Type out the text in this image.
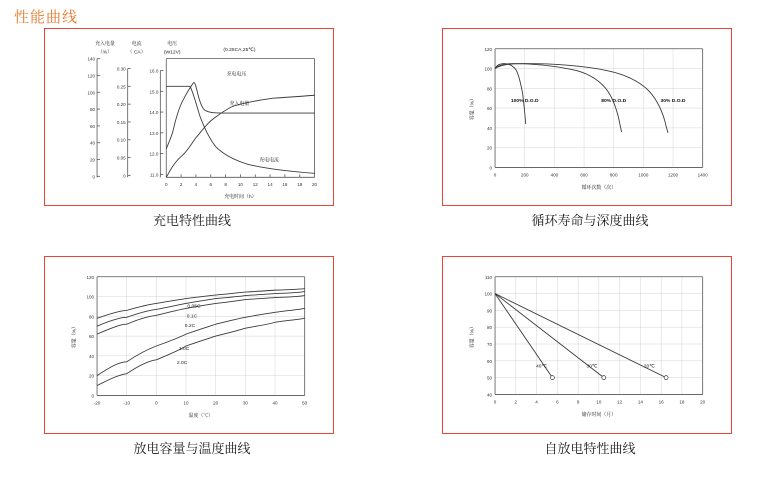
性能曲线
充入电量	电流	电压
（%）	（ CA）	(W12V)
(0.25CA,25℃)
140
120
100
80
60
40
20
0
0.30
0.25
0.20
0.15
0.10
0.05
0
16.0
15.0
14.0
13.0
12.0
11.0
0	2	4	6	8 10 12 14 16 18 20
充电时间（h）
充电电压
充入电量
充电电流
充电特性曲线
120
100
80
60
40
20
0
容量（%）
0	200	400	600	800	1000	1200	1400
循环次数（次）
100% D.O.D	80% D.O.D	30% D.O.D
循环寿命与深度曲线
120
100
80
60
40
20
0
容量（%）
-20	-10	0	10	20	30	40	50
温度（℃）
0.05C
0.1C
0.2C
1.0C
2.0C
放电容量与温度曲线
110
100
90
80
70
60
50
40
容量（%）
0	2	4	6	8	10	12	14	16	18	20
储存时间（月）
40℃	30℃	20℃
自放电特性曲线
